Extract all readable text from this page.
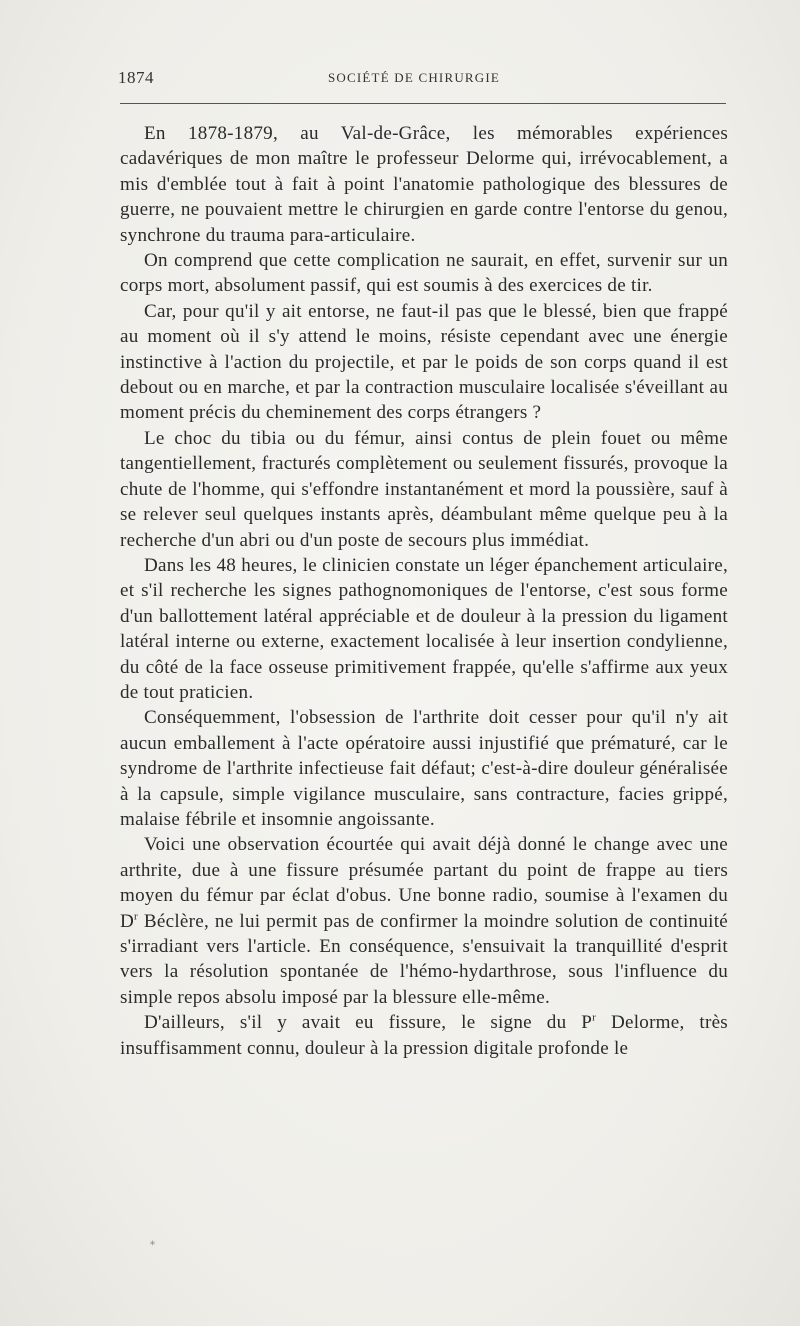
1874	SOCIÉTÉ DE CHIRURGIE

En 1878-1879, au Val-de-Grâce, les mémorables expériences cadavériques de mon maître le professeur Delorme qui, irrévocablement, a mis d'emblée tout à fait à point l'anatomie pathologique des blessures de guerre, ne pouvaient mettre le chirurgien en garde contre l'entorse du genou, synchrone du trauma para-articulaire.

On comprend que cette complication ne saurait, en effet, survenir sur un corps mort, absolument passif, qui est soumis à des exercices de tir.

Car, pour qu'il y ait entorse, ne faut-il pas que le blessé, bien que frappé au moment où il s'y attend le moins, résiste cependant avec une énergie instinctive à l'action du projectile, et par le poids de son corps quand il est debout ou en marche, et par la contraction musculaire localisée s'éveillant au moment précis du cheminement des corps étrangers ?

Le choc du tibia ou du fémur, ainsi contus de plein fouet ou même tangentiellement, fracturés complètement ou seulement fissurés, provoque la chute de l'homme, qui s'effondre instantanément et mord la poussière, sauf à se relever seul quelques instants après, déambulant même quelque peu à la recherche d'un abri ou d'un poste de secours plus immédiat.

Dans les 48 heures, le clinicien constate un léger épanchement articulaire, et s'il recherche les signes pathognomoniques de l'entorse, c'est sous forme d'un ballottement latéral appréciable et de douleur à la pression du ligament latéral interne ou externe, exactement localisée à leur insertion condylienne, du côté de la face osseuse primitivement frappée, qu'elle s'affirme aux yeux de tout praticien.

Conséquemment, l'obsession de l'arthrite doit cesser pour qu'il n'y ait aucun emballement à l'acte opératoire aussi injustifié que prématuré, car le syndrome de l'arthrite infectieuse fait défaut; c'est-à-dire douleur généralisée à la capsule, simple vigilance musculaire, sans contracture, facies grippé, malaise fébrile et insomnie angoissante.

Voici une observation écourtée qui avait déjà donné le change avec une arthrite, due à une fissure présumée partant du point de frappe au tiers moyen du fémur par éclat d'obus. Une bonne radio, soumise à l'examen du $D^r$ Béclère, ne lui permit pas de confirmer la moindre solution de continuité s'irradiant vers l'article. En conséquence, s'ensuivait la tranquillité d'esprit vers la résolution spontanée de l'hémo-hydarthrose, sous l'influence du simple repos absolu imposé par la blessure elle-même.

D'ailleurs, s'il y avait eu fissure, le signe du $P^r$ Delorme, très insuffisamment connu, douleur à la pression digitale profonde le

*
